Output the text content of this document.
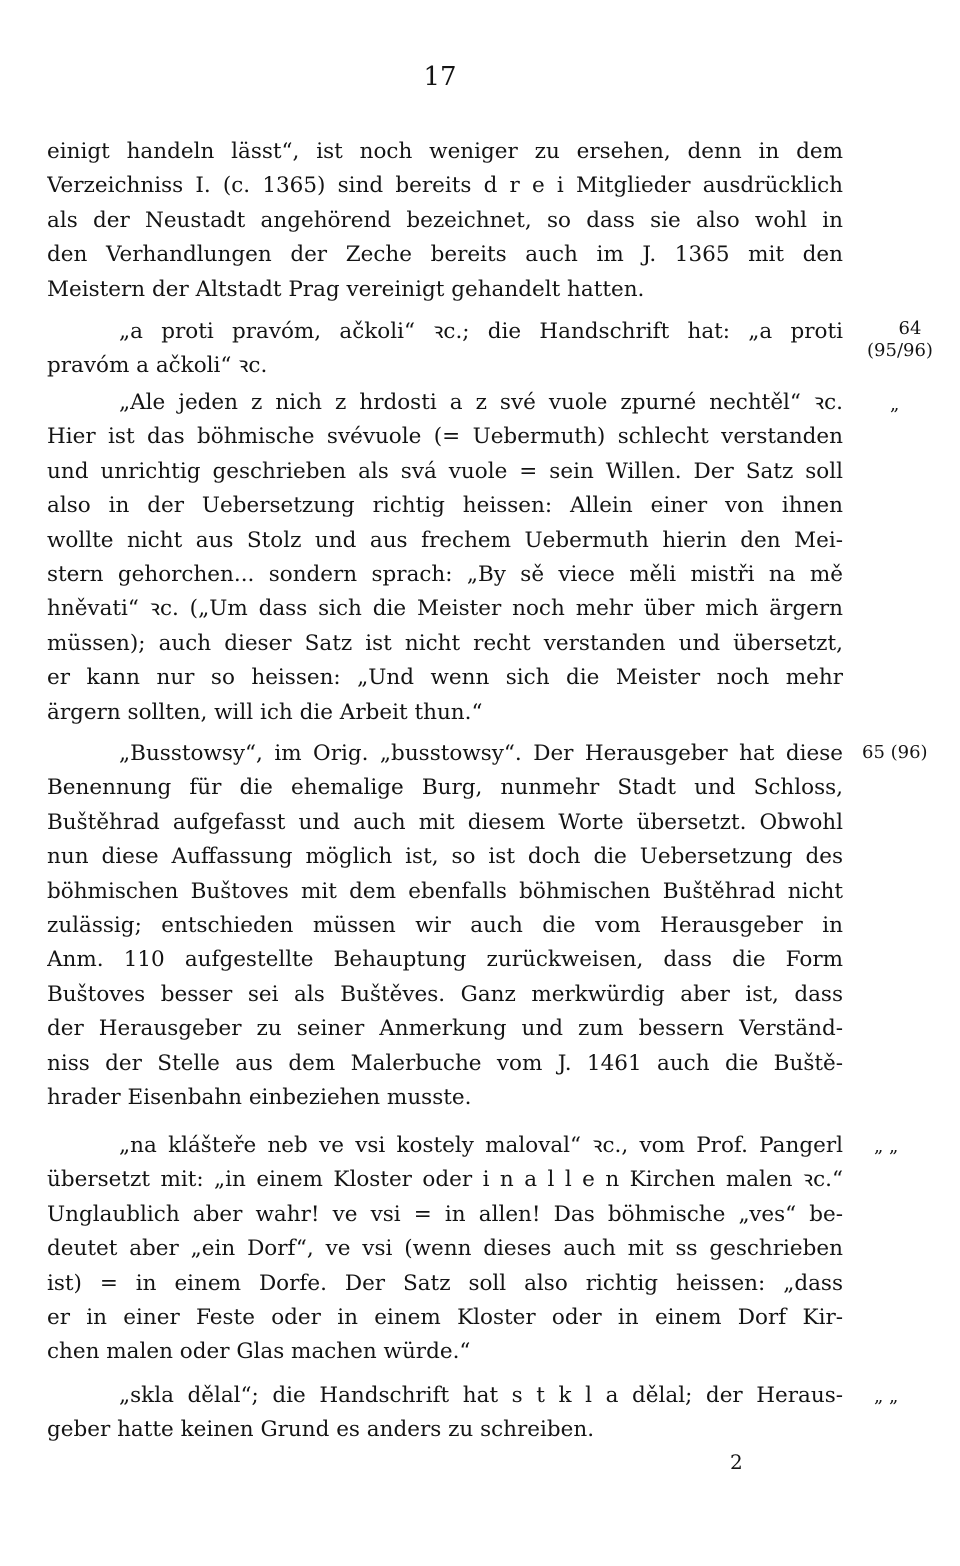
17
einigt handeln lässt“, ist noch weniger zu ersehen, denn in dem
Verzeichniss I. (c. 1365) sind bereits d r e i Mitglieder ausdrücklich
als der Neustadt angehörend bezeichnet, so dass sie also wohl in
den Verhandlungen der Zeche bereits auch im J. 1365 mit den
Meistern der Altstadt Prag vereinigt gehandelt hatten.
„a proti pravóm, ačkoli“ ꝛc.; die Handschrift hat: „a proti
pravóm a ačkoli“ ꝛc.
„Ale jeden z nich z hrdosti a z své vuole zpurné nechtěl“ ꝛc.
Hier ist das böhmische svévuole (= Uebermuth) schlecht verstanden
und unrichtig geschrieben als svá vuole = sein Willen. Der Satz soll
also in der Uebersetzung richtig heissen: Allein einer von ihnen
wollte nicht aus Stolz und aus frechem Uebermuth hierin den Mei-
stern gehorchen... sondern sprach: „By sě viece měli mistři na mě
hněvati“ ꝛc. („Um dass sich die Meister noch mehr über mich ärgern
müssen); auch dieser Satz ist nicht recht verstanden und übersetzt,
er kann nur so heissen: „Und wenn sich die Meister noch mehr
ärgern sollten, will ich die Arbeit thun.“
„Busstowsy“, im Orig. „busstowsy“. Der Herausgeber hat diese
Benennung für die ehemalige Burg, nunmehr Stadt und Schloss,
Buštěhrad aufgefasst und auch mit diesem Worte übersetzt. Obwohl
nun diese Auffassung möglich ist, so ist doch die Uebersetzung des
böhmischen Buštoves mit dem ebenfalls böhmischen Buštěhrad nicht
zulässig; entschieden müssen wir auch die vom Herausgeber in
Anm. 110 aufgestellte Behauptung zurückweisen, dass die Form
Buštoves besser sei als Buštěves. Ganz merkwürdig aber ist, dass
der Herausgeber zu seiner Anmerkung und zum bessern Verständ-
niss der Stelle aus dem Malerbuche vom J. 1461 auch die Buště-
hrader Eisenbahn einbeziehen musste.
„na klášteře neb ve vsi kostely maloval“ ꝛc., vom Prof. Pangerl
übersetzt mit: „in einem Kloster oder i n a l l e n Kirchen malen ꝛc.“
Unglaublich aber wahr! ve vsi = in allen! Das böhmische „ves“ be-
deutet aber „ein Dorf“, ve vsi (wenn dieses auch mit ss geschrieben
ist) = in einem Dorfe. Der Satz soll also richtig heissen: „dass
er in einer Feste oder in einem Kloster oder in einem Dorf Kir-
chen malen oder Glas machen würde.“
„skla dělal“; die Handschrift hat s t k l a dělal; der Heraus-
geber hatte keinen Grund es anders zu schreiben.
64
(95/96)
„
65 (96)
„ „
„ „
2
